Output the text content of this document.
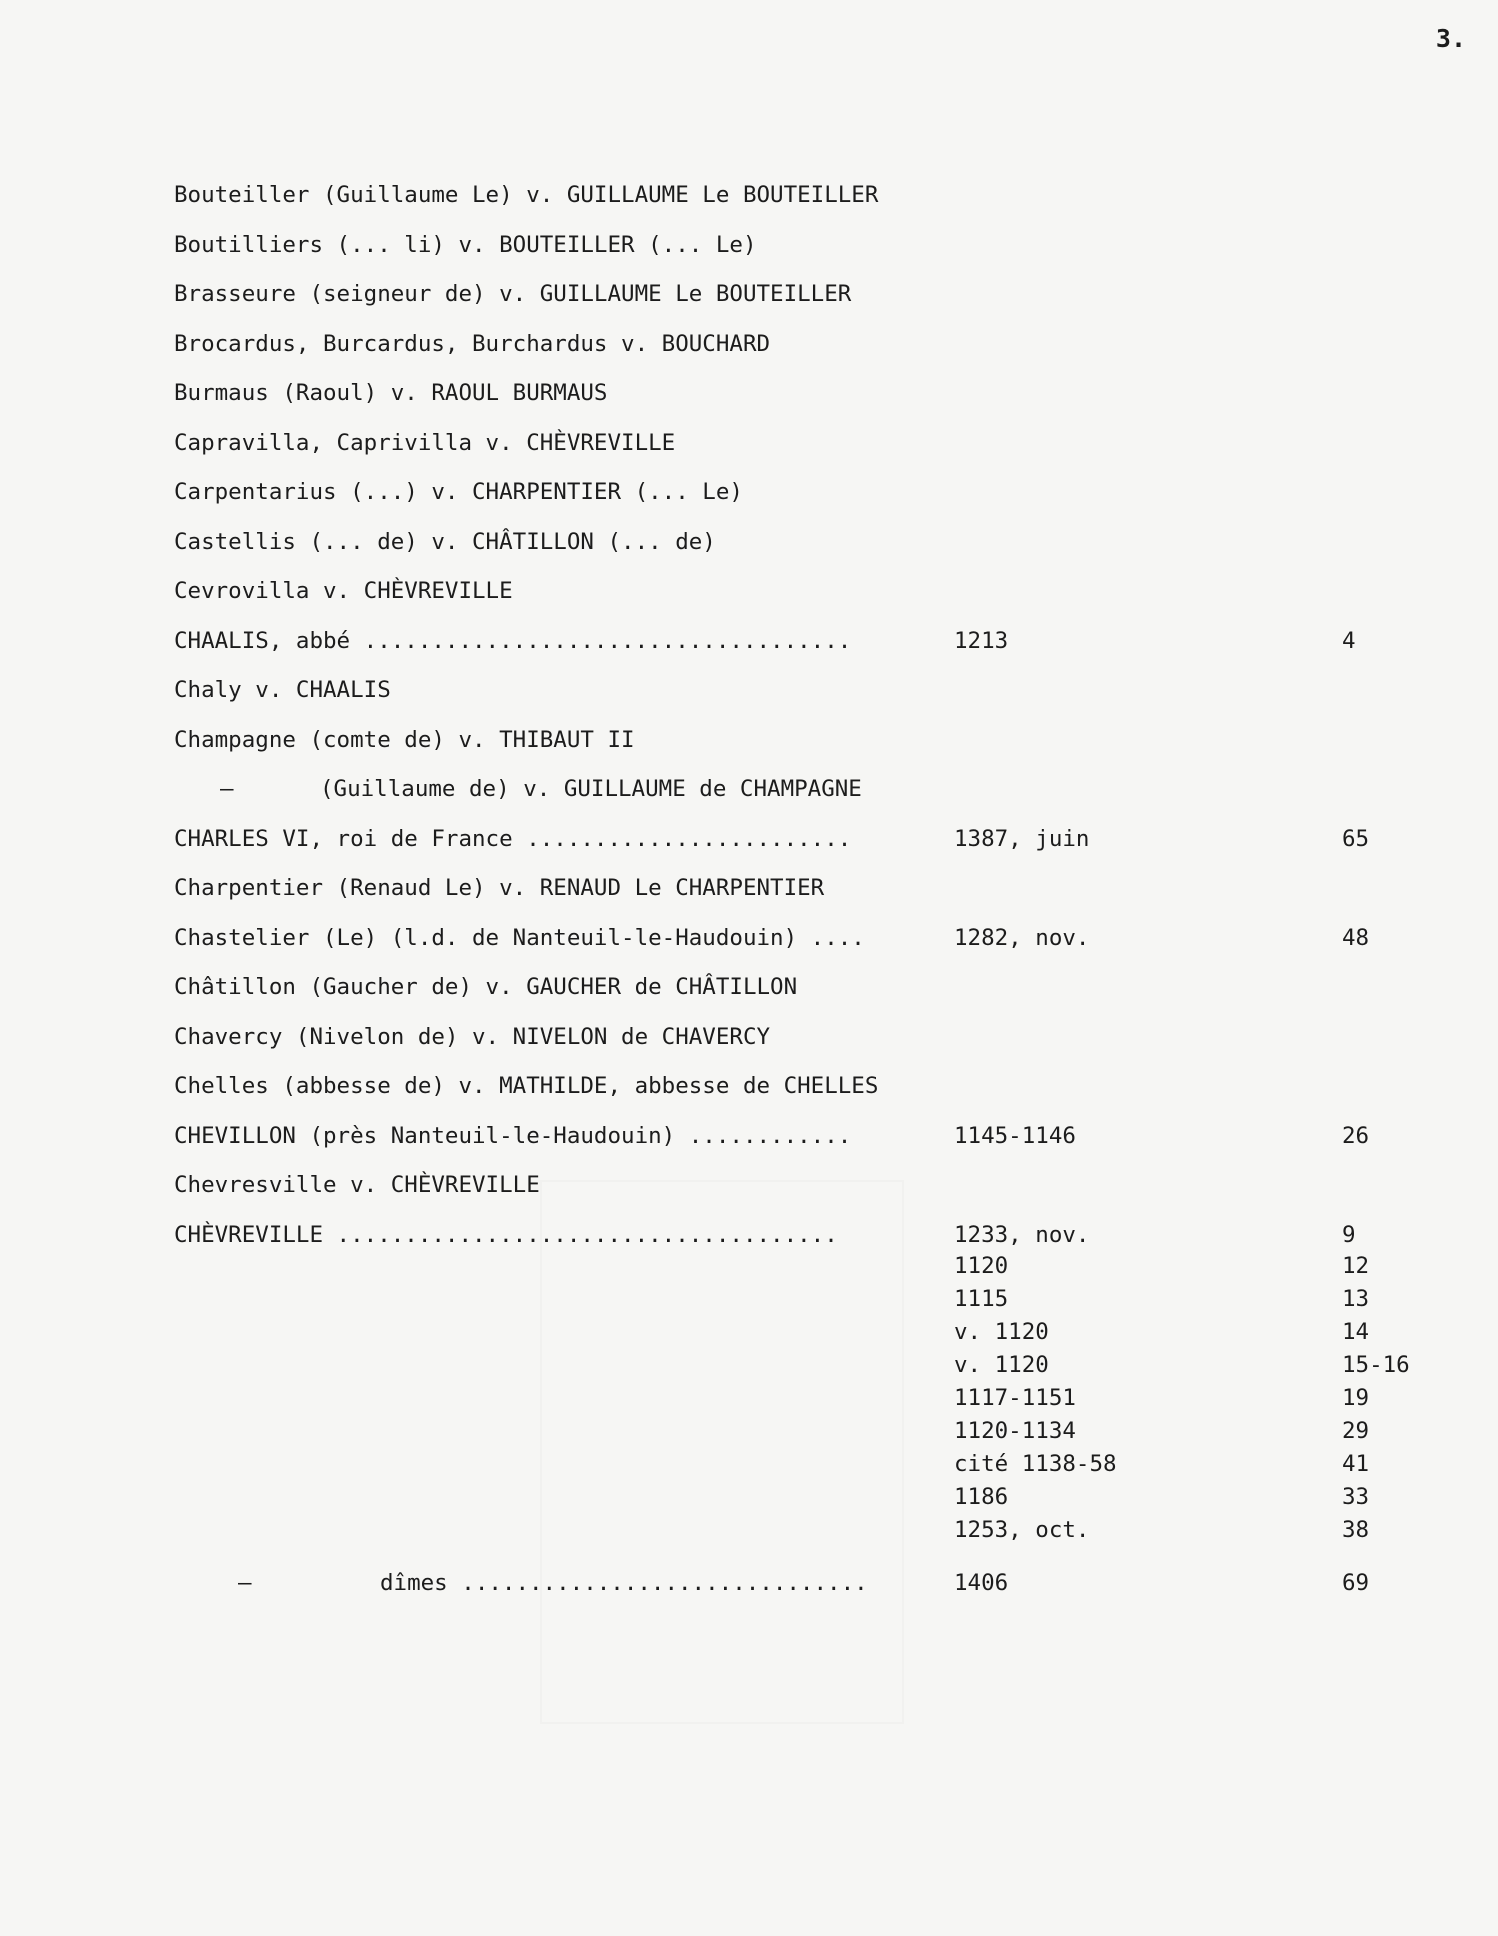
3.
Bouteiller (Guillaume Le) v. GUILLAUME Le BOUTEILLER
Boutilliers (... li) v. BOUTEILLER (... Le)
Brasseure (seigneur de) v. GUILLAUME Le BOUTEILLER
Brocardus, Burcardus, Burchardus v. BOUCHARD
Burmaus (Raoul) v. RAOUL BURMAUS
Capravilla, Caprivilla v. CHÈVREVILLE
Carpentarius (...) v. CHARPENTIER (... Le)
Castellis (... de) v. CHÂTILLON (... de)
Cevrovilla v. CHÈVREVILLE
CHAALIS, abbé ....................................	1213	4
Chaly v. CHAALIS
Champagne (comte de) v. THIBAUT II
–	(Guillaume de) v. GUILLAUME de CHAMPAGNE
CHARLES VI, roi de France ........................	1387, juin	65
Charpentier (Renaud Le) v. RENAUD Le CHARPENTIER
Chastelier (Le) (l.d. de Nanteuil-le-Haudouin) ....	1282, nov.	48
Châtillon (Gaucher de) v. GAUCHER de CHÂTILLON
Chavercy (Nivelon de) v. NIVELON de CHAVERCY
Chelles (abbesse de) v. MATHILDE, abbesse de CHELLES
CHEVILLON (près Nanteuil-le-Haudouin) ............	1145-1146	26
Chevresville v. CHÈVREVILLE
CHÈVREVILLE .....................................	1233, nov.	9
1120	12
1115	13
v. 1120	14
v. 1120	15-16
1117-1151	19
1120-1134	29
cité 1138-58	41
1186	33
1253, oct.	38
–	dîmes ..............................	1406	69
